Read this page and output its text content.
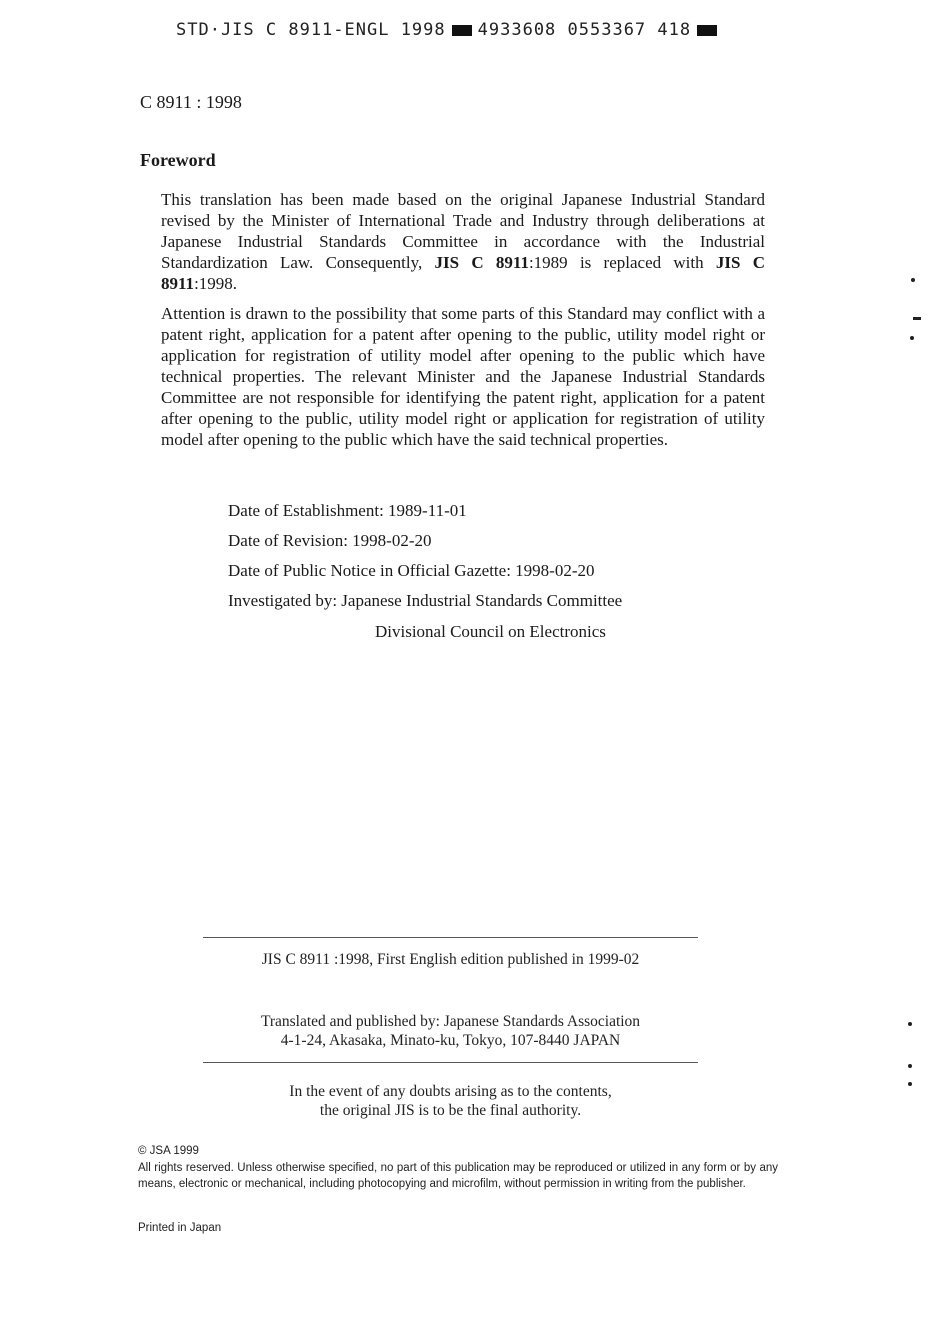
STD·JIS C 8911-ENGL 1998 4933608 0553367 418
C 8911 : 1998
Foreword
This translation has been made based on the original Japanese Industrial Standard revised by the Minister of International Trade and Industry through deliberations at Japanese Industrial Standards Committee in accordance with the Industrial Standardization Law. Consequently, JIS C 8911:1989 is replaced with JIS C 8911:1998.
Attention is drawn to the possibility that some parts of this Standard may conflict with a patent right, application for a patent after opening to the public, utility model right or application for registration of utility model after opening to the public which have technical properties. The relevant Minister and the Japanese Industrial Standards Committee are not responsible for identifying the patent right, application for a patent after opening to the public, utility model right or application for registration of utility model after opening to the public which have the said technical properties.
Date of Establishment: 1989-11-01
Date of Revision: 1998-02-20
Date of Public Notice in Official Gazette: 1998-02-20
Investigated by: Japanese Industrial Standards Committee
Divisional Council on Electronics
JIS C 8911 :1998, First English edition published in 1999-02
Translated and published by: Japanese Standards Association
4-1-24, Akasaka, Minato-ku, Tokyo, 107-8440 JAPAN
In the event of any doubts arising as to the contents,
the original JIS is to be the final authority.
© JSA 1999
All rights reserved. Unless otherwise specified, no part of this publication may be reproduced or utilized in any form or by any means, electronic or mechanical, including photocopying and microfilm, without permission in writing from the publisher.
Printed in Japan
